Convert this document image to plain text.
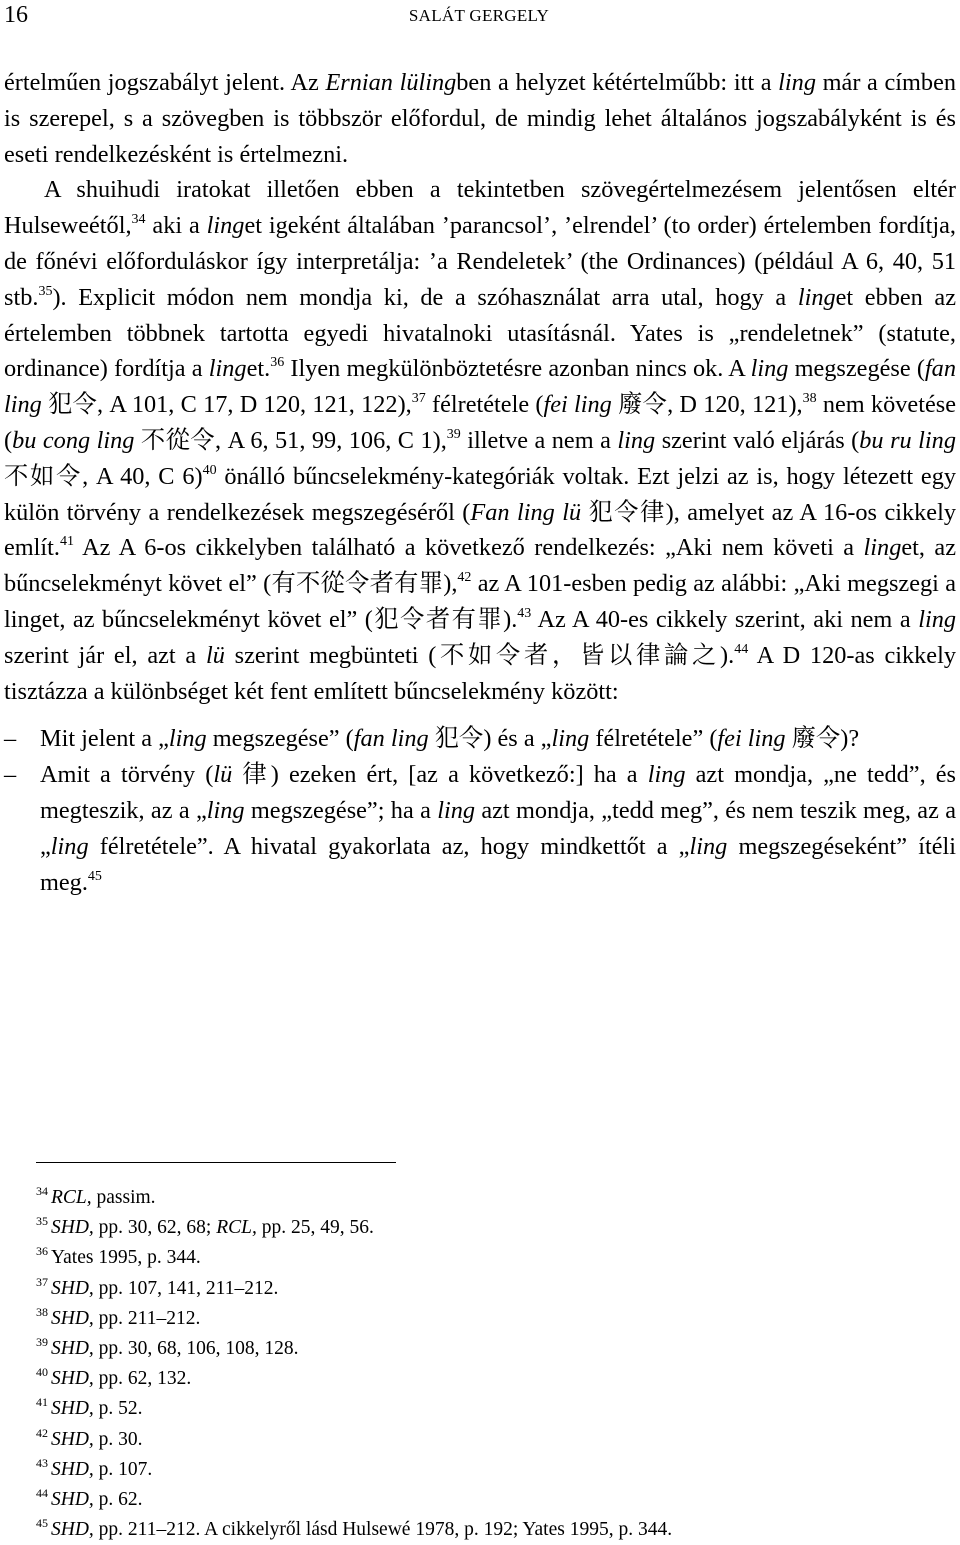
16	SALÁT GERGELY

értelműen jogszabályt jelent. Az Ernian lülingben a helyzet kétértelműbb: itt a ling már a címben is szerepel, s a szövegben is többször előfordul, de mindig lehet általános jogszabályként is és eseti rendelkezésként is értelmezni.

A shuihudi iratokat illetően ebben a tekintetben szövegértelmezésem jelentősen eltér Hulseweétől,$^{34}$ aki a linget igeként általában ’parancsol’, ’elrendel’ (to order) értelemben fordítja, de főnévi előforduláskor így interpretálja: ’a Rendeletek’ (the Ordinances) (például A 6, 40, 51 stb.$^{35}$). Explicit módon nem mondja ki, de a szóhasználat arra utal, hogy a linget ebben az értelemben többnek tartotta egyedi hivatalnoki utasításnál. Yates is „rendeletnek” (statute, ordinance) fordítja a linget.$^{36}$ Ilyen megkülönböztetésre azonban nincs ok. A ling megszegése (fan ling 犯令, A 101, C 17, D 120, 121, 122),$^{37}$ félretétele (fei ling 廢令, D 120, 121),$^{38}$ nem követése (bu cong ling 不從令, A 6, 51, 99, 106, C 1),$^{39}$ illetve a nem a ling szerint való eljárás (bu ru ling 不如令, A 40, C 6)$^{40}$ önálló bűncselekmény-kategóriák voltak. Ezt jelzi az is, hogy létezett egy külön törvény a rendelkezések megszegéséről (Fan ling lü 犯令律), amelyet az A 16-os cikkely említ.$^{41}$ Az A 6-os cikkelyben található a következő rendelkezés: „Aki nem követi a linget, az bűncselekményt követ el” (有不從令者有罪),$^{42}$ az A 101-esben pedig az alábbi: „Aki megszegi a linget, az bűncselekményt követ el” (犯令者有罪).$^{43}$ Az A 40-es cikkely szerint, aki nem a ling szerint jár el, azt a lü szerint megbünteti (不如令者，皆以律論之).$^{44}$ A D 120-as cikkely tisztázza a különbséget két fent említett bűncselekmény között:

– Mit jelent a „ling megszegése” (fan ling 犯令) és a „ling félretétele” (fei ling 廢令)?
– Amit a törvény (lü 律) ezeken ért, [az a következő:] ha a ling azt mondja, „ne tedd”, és megteszik, az a „ling megszegése”; ha a ling azt mondja, „tedd meg”, és nem teszik meg, az a „ling félretétele”. A hivatal gyakorlata az, hogy mindkettőt a „ling megszegéseként” ítéli meg.$^{45}$
$^{34}$ RCL, passim.
$^{35}$ SHD, pp. 30, 62, 68; RCL, pp. 25, 49, 56.
$^{36}$ Yates 1995, p. 344.
$^{37}$ SHD, pp. 107, 141, 211–212.
$^{38}$ SHD, pp. 211–212.
$^{39}$ SHD, pp. 30, 68, 106, 108, 128.
$^{40}$ SHD, pp. 62, 132.
$^{41}$ SHD, p. 52.
$^{42}$ SHD, p. 30.
$^{43}$ SHD, p. 107.
$^{44}$ SHD, p. 62.
$^{45}$ SHD, pp. 211–212. A cikkelyről lásd Hulsewé 1978, p. 192; Yates 1995, p. 344.
